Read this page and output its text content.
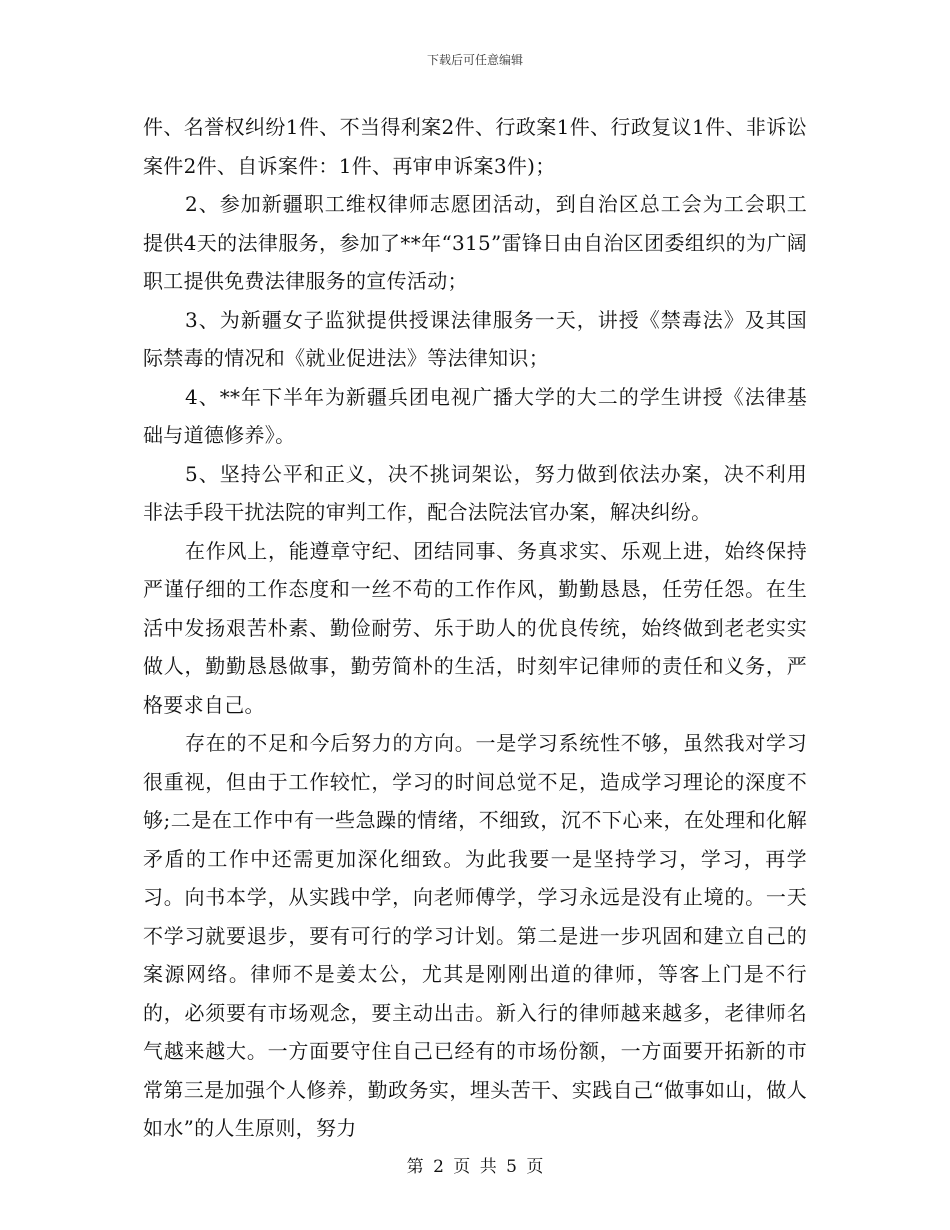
下载后可任意编辑

件、名誉权纠纷1件、不当得利案2件、行政案1件、行政复议1件、非诉讼案件2件、自诉案件：1件、再审申诉案3件)；

2、参加新疆职工维权律师志愿团活动，到自治区总工会为工会职工提供4天的法律服务，参加了**年“315”雷锋日由自治区团委组织的为广阔职工提供免费法律服务的宣传活动；

3、为新疆女子监狱提供授课法律服务一天，讲授《禁毒法》及其国际禁毒的情况和《就业促进法》等法律知识；

4、**年下半年为新疆兵团电视广播大学的大二的学生讲授《法律基础与道德修养》。

5、坚持公平和正义，决不挑词架讼，努力做到依法办案，决不利用非法手段干扰法院的审判工作，配合法院法官办案，解决纠纷。

在作风上，能遵章守纪、团结同事、务真求实、乐观上进，始终保持严谨仔细的工作态度和一丝不苟的工作作风，勤勤恳恳，任劳任怨。在生活中发扬艰苦朴素、勤俭耐劳、乐于助人的优良传统，始终做到老老实实做人，勤勤恳恳做事，勤劳简朴的生活，时刻牢记律师的责任和义务，严格要求自己。

存在的不足和今后努力的方向。一是学习系统性不够，虽然我对学习很重视，但由于工作较忙，学习的时间总觉不足，造成学习理论的深度不够;二是在工作中有一些急躁的情绪，不细致，沉不下心来，在处理和化解矛盾的工作中还需更加深化细致。为此我要一是坚持学习，学习，再学习。向书本学，从实践中学，向老师傅学，学习永远是没有止境的。一天不学习就要退步，要有可行的学习计划。第二是进一步巩固和建立自己的案源网络。律师不是姜太公，尤其是刚刚出道的律师，等客上门是不行的，必须要有市场观念，要主动出击。新入行的律师越来越多，老律师名气越来越大。一方面要守住自己已经有的市场份额，一方面要开拓新的市常第三是加强个人修养，勤政务实，埋头苦干、实践自己“做事如山，做人如水”的人生原则，努力

第 2 页 共 5 页
